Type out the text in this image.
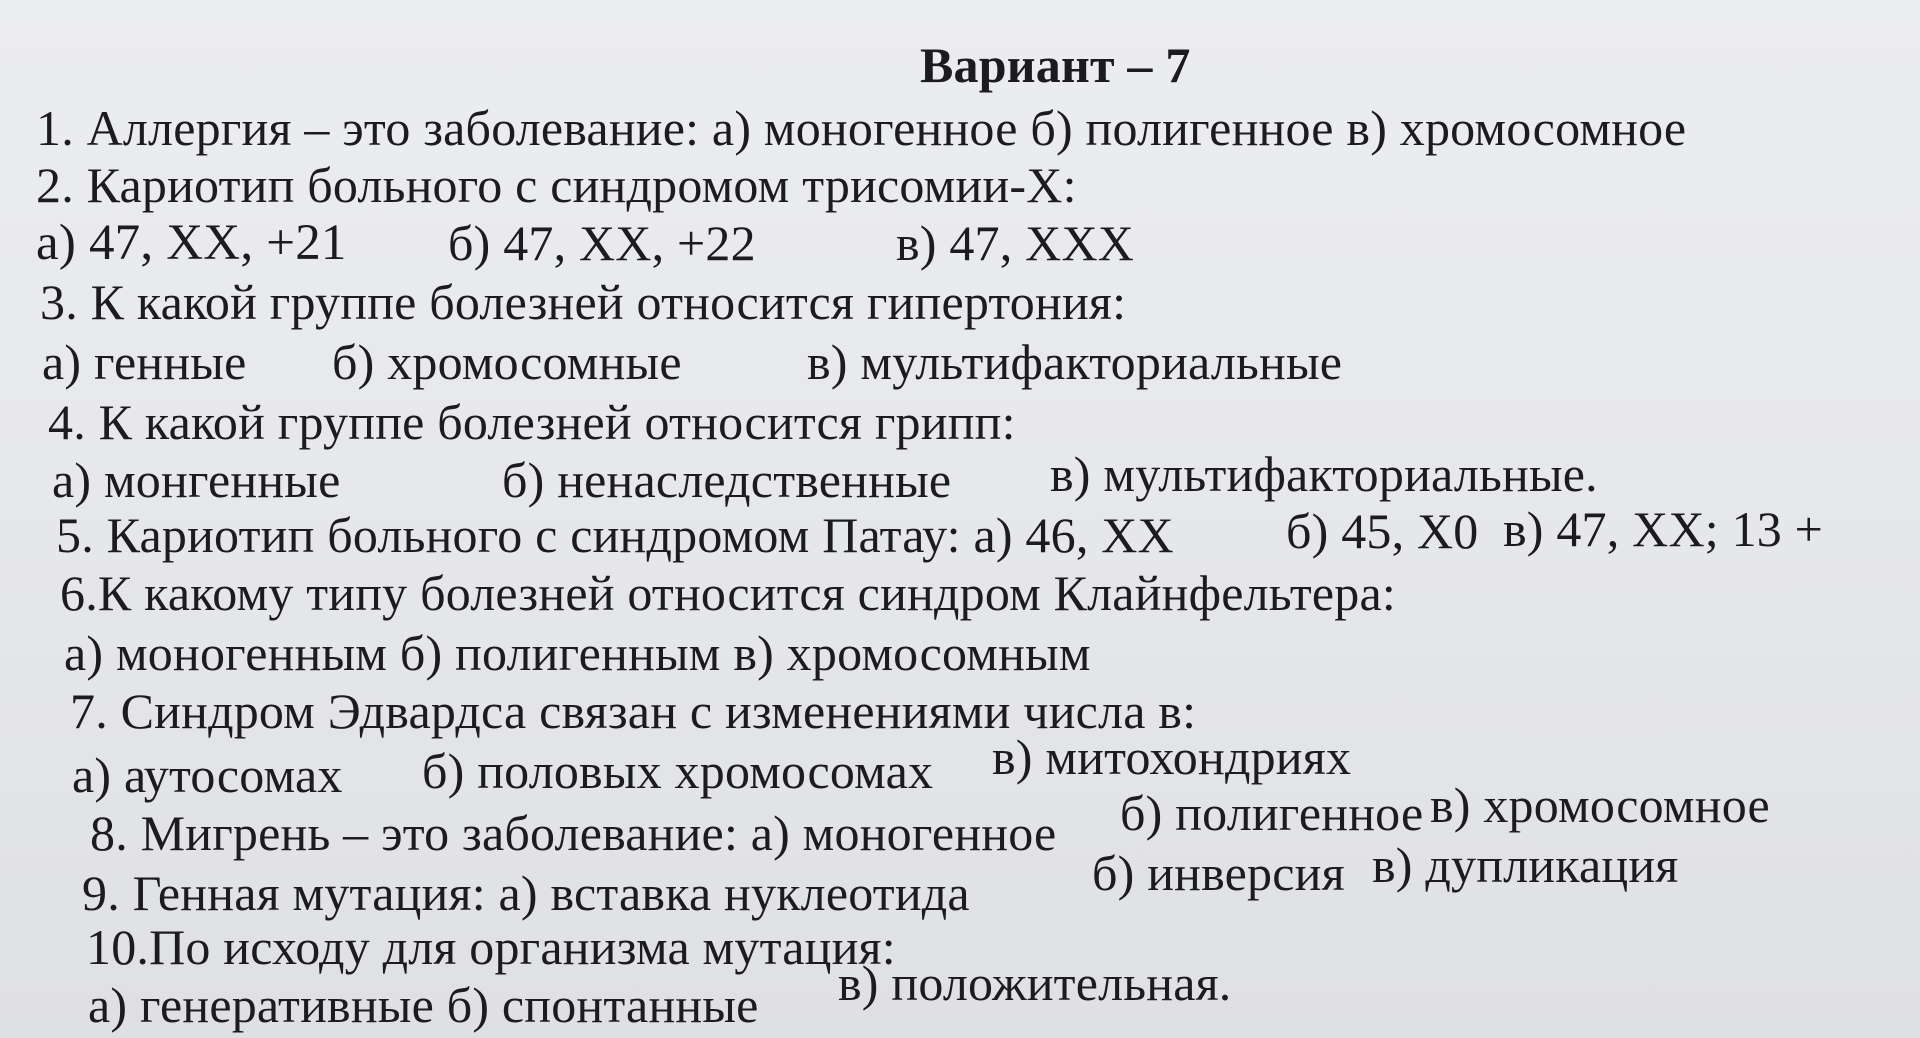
Вариант – 7
1. Аллергия – это заболевание: а) моногенное б) полигенное в) хромосомное
2. Кариотип больного с синдромом трисомии-Х:
а) 47, ХХ, +21 б) 47, ХХ, +22	в) 47, ХХХ
3. К какой группе болезней относится гипертония:
а) генные б) хромосомные	в) мультифакториальные
4. К какой группе болезней относится грипп:
а) монгенные	б) ненаследственные в) мультифакториальные.
5. Кариотип больного с синдромом Патау: а) 46, ХХ б) 45, Х0 в) 47, ХХ; 13 +
6.К какому типу болезней относится синдром Клайнфельтера:
а) моногенным б) полигенным в) хромосомным
7. Синдром Эдвардса связан с изменениями числа в:
а) аутосомах б) половых хромосомах в) митохондриях
8. Мигрень – это заболевание: а) моногенное б) полигенное в) хромосомное
9. Генная мутация: а) вставка нуклеотида б) инверсия в) дупликация
10.По исходу для организма мутация:
а) генеративные б) спонтанные в) положительная.
